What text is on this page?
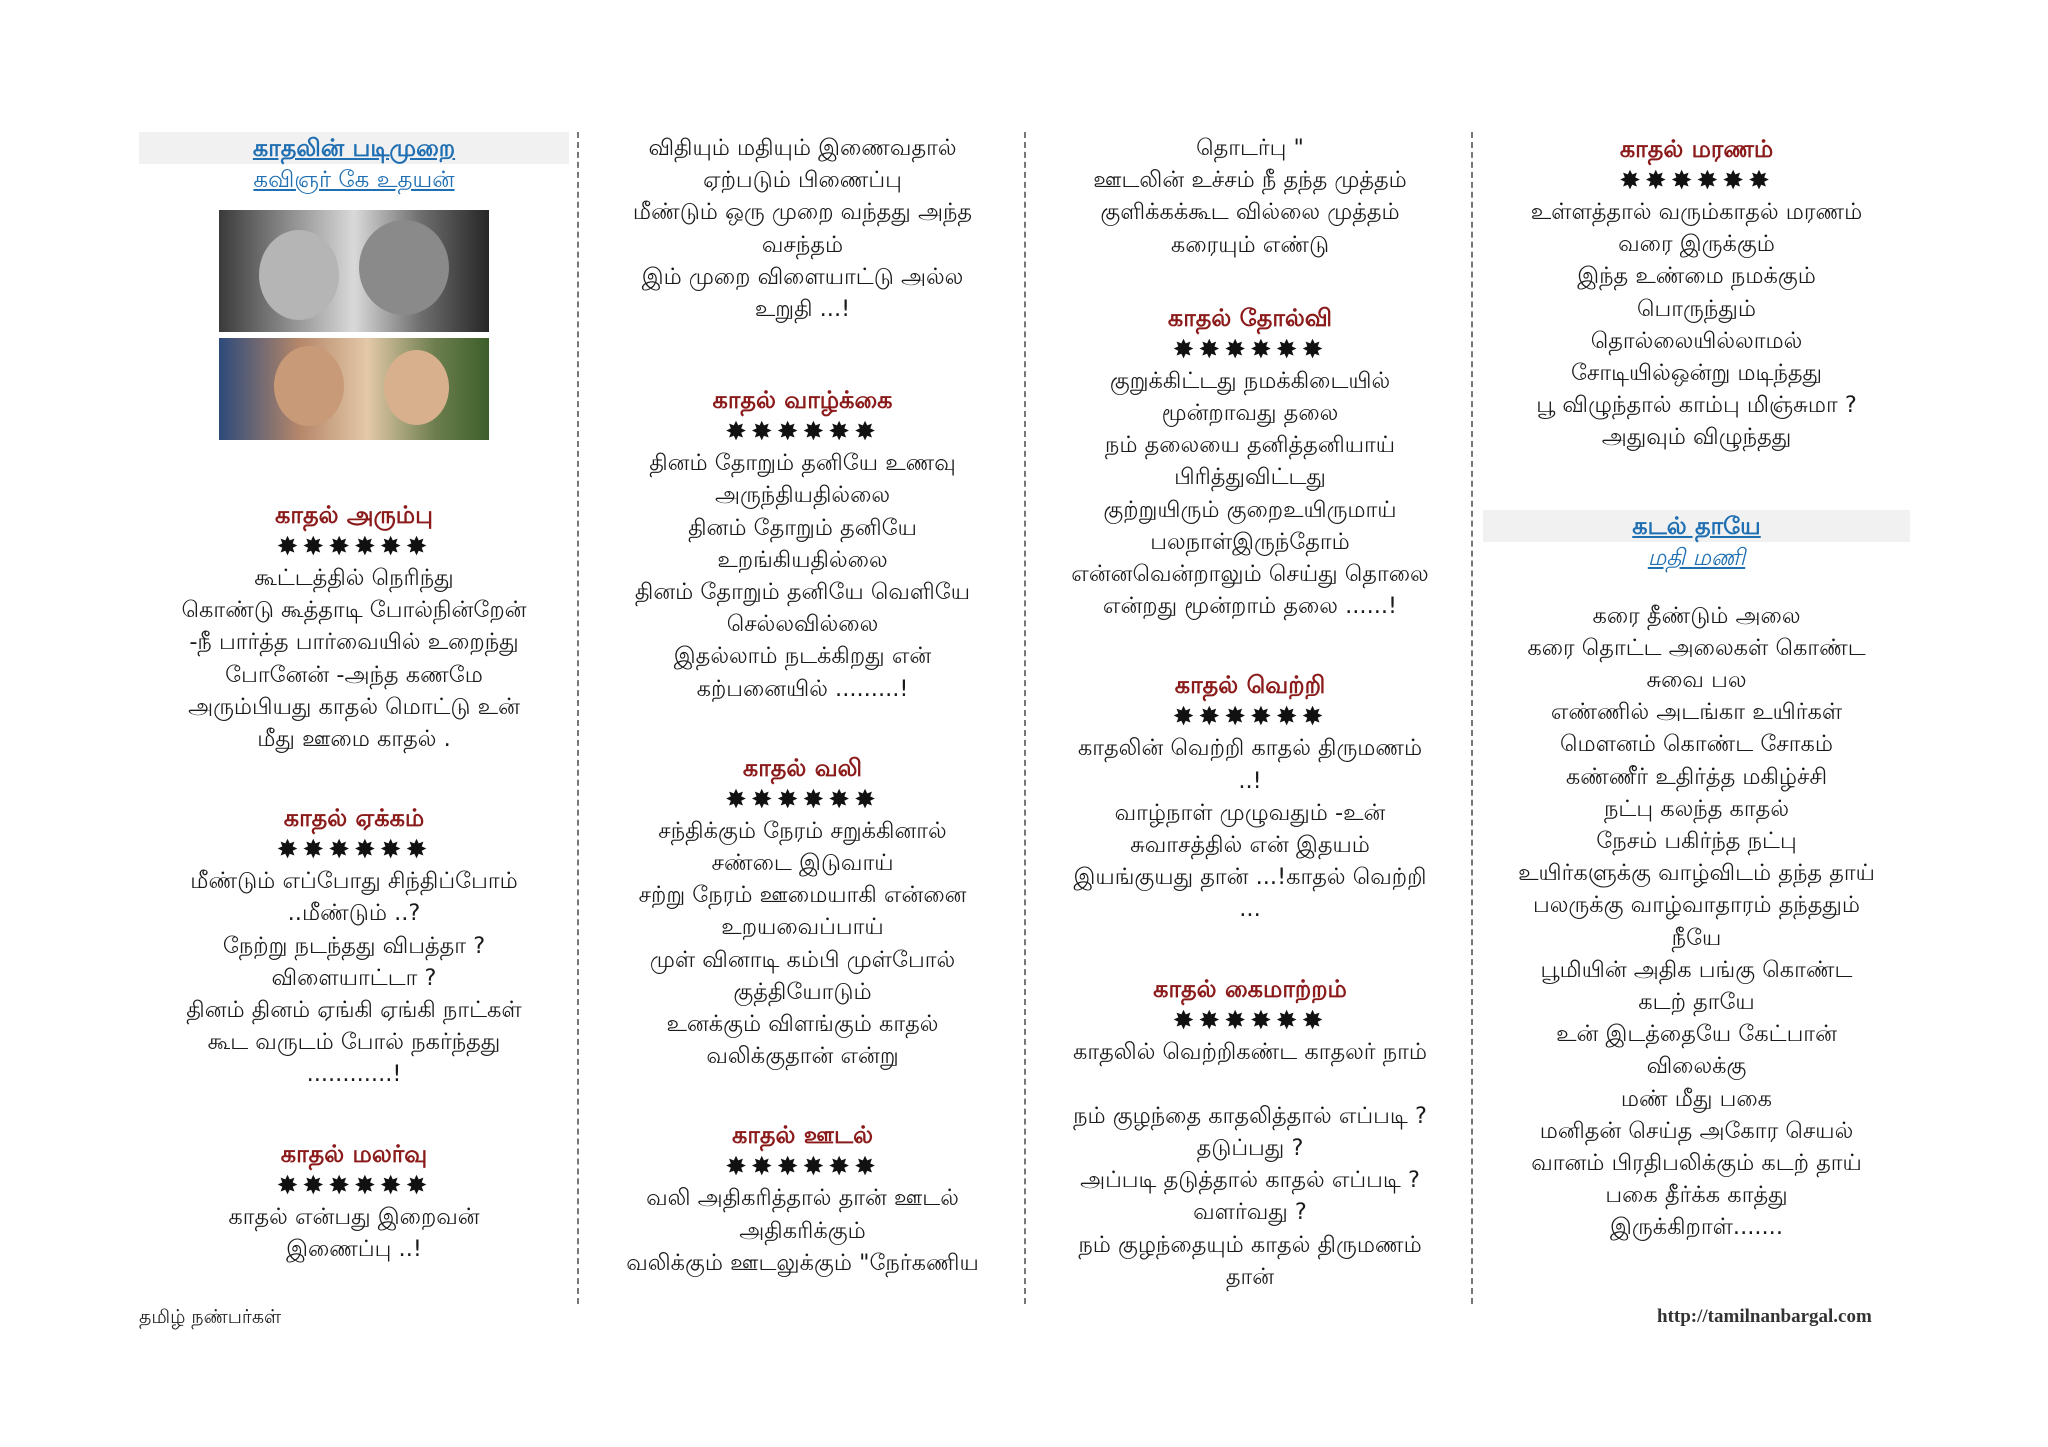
காதலின் படிமுறை
கவிஞர் கே உதயன்
காதல் அரும்பு
✸✸✸✸✸✸
கூட்டத்தில் நெரிந்து
கொண்டு கூத்தாடி போல்நின்றேன்
-நீ பார்த்த பார்வையில் உறைந்து
போனேன் -அந்த கணமே
அரும்பியது காதல் மொட்டு உன்
மீது ஊமை காதல் .
காதல் ஏக்கம்
✸✸✸✸✸✸
மீண்டும் எப்போது சிந்திப்போம்
..மீண்டும் ..?
நேற்று நடந்தது விபத்தா ?
விளையாட்டா ?
தினம் தினம் ஏங்கி ஏங்கி நாட்கள்
கூட வருடம் போல் நகர்ந்தது
............!
காதல் மலர்வு
✸✸✸✸✸✸
காதல் என்பது இறைவன்
இணைப்பு ..!
விதியும் மதியும் இணைவதால்
ஏற்படும் பிணைப்பு
மீண்டும் ஒரு முறை வந்தது அந்த
வசந்தம்
இம் முறை விளையாட்டு அல்ல
உறுதி ...!
காதல் வாழ்க்கை
✸✸✸✸✸✸
தினம் தோறும் தனியே உணவு
அருந்தியதில்லை
தினம் தோறும் தனியே
உறங்கியதில்லை
தினம் தோறும் தனியே வெளியே
செல்லவில்லை
இதல்லாம் நடக்கிறது என்
கற்பனையில் .........!
காதல் வலி
✸✸✸✸✸✸
சந்திக்கும் நேரம் சறுக்கினால்
சண்டை இடுவாய்
சற்று நேரம் ஊமையாகி என்னை
உறயவைப்பாய்
முள் வினாடி கம்பி முள்போல்
குத்தியோடும்
உனக்கும் விளங்கும் காதல்
வலிக்குதான் என்று
காதல் ஊடல்
✸✸✸✸✸✸
வலி அதிகரித்தால் தான் ஊடல்
அதிகரிக்கும்
வலிக்கும் ஊடலுக்கும் "நேர்கணிய
தொடர்பு "
ஊடலின் உச்சம் நீ தந்த முத்தம்
குளிக்கக்கூட வில்லை முத்தம்
கரையும் எண்டு
காதல் தோல்வி
✸✸✸✸✸✸
குறுக்கிட்டது நமக்கிடையில்
மூன்றாவது தலை
நம் தலையை தனித்தனியாய்
பிரித்துவிட்டது
குற்றுயிரும் குறைஉயிருமாய்
பலநாள்இருந்தோம்
என்னவென்றாலும் செய்து தொலை
என்றது மூன்றாம் தலை ......!
காதல் வெற்றி
✸✸✸✸✸✸
காதலின் வெற்றி காதல் திருமணம்
..!
வாழ்நாள் முழுவதும் -உன்
சுவாசத்தில் என் இதயம்
இயங்குயது தான் ...!காதல் வெற்றி
...
காதல் கைமாற்றம்
✸✸✸✸✸✸
காதலில் வெற்றிகண்ட காதலர் நாம்
நம் குழந்தை காதலித்தால் எப்படி ?
தடுப்பது ?
அப்படி தடுத்தால் காதல் எப்படி ?
வளர்வது ?
நம் குழந்தையும் காதல் திருமணம்
தான்
காதல் மரணம்
✸✸✸✸✸✸
உள்ளத்தால் வரும்காதல் மரணம்
வரை இருக்கும்
இந்த உண்மை நமக்கும்
பொருந்தும்
தொல்லையில்லாமல்
சோடியில்ஒன்று மடிந்தது
பூ விழுந்தால் காம்பு மிஞ்சுமா ?
அதுவும் விழுந்தது
கடல் தாயே
மதி மணி
கரை தீண்டும் அலை
கரை தொட்ட அலைகள் கொண்ட
சுவை பல
எண்ணில் அடங்கா உயிர்கள்
மௌனம் கொண்ட சோகம்
கண்ணீர் உதிர்த்த மகிழ்ச்சி
நட்பு கலந்த காதல்
நேசம் பகிர்ந்த நட்பு
உயிர்களுக்கு வாழ்விடம் தந்த தாய்
பலருக்கு வாழ்வாதாரம் தந்ததும்
நீயே
பூமியின் அதிக பங்கு கொண்ட
கடற் தாயே
உன் இடத்தையே கேட்பான்
விலைக்கு
மண் மீது பகை
மனிதன் செய்த அகோர செயல்
வானம் பிரதிபலிக்கும் கடற் தாய்
பகை தீர்க்க காத்து
இருக்கிறாள்.......
தமிழ் நண்பர்கள்	http://tamilnanbargal.com
